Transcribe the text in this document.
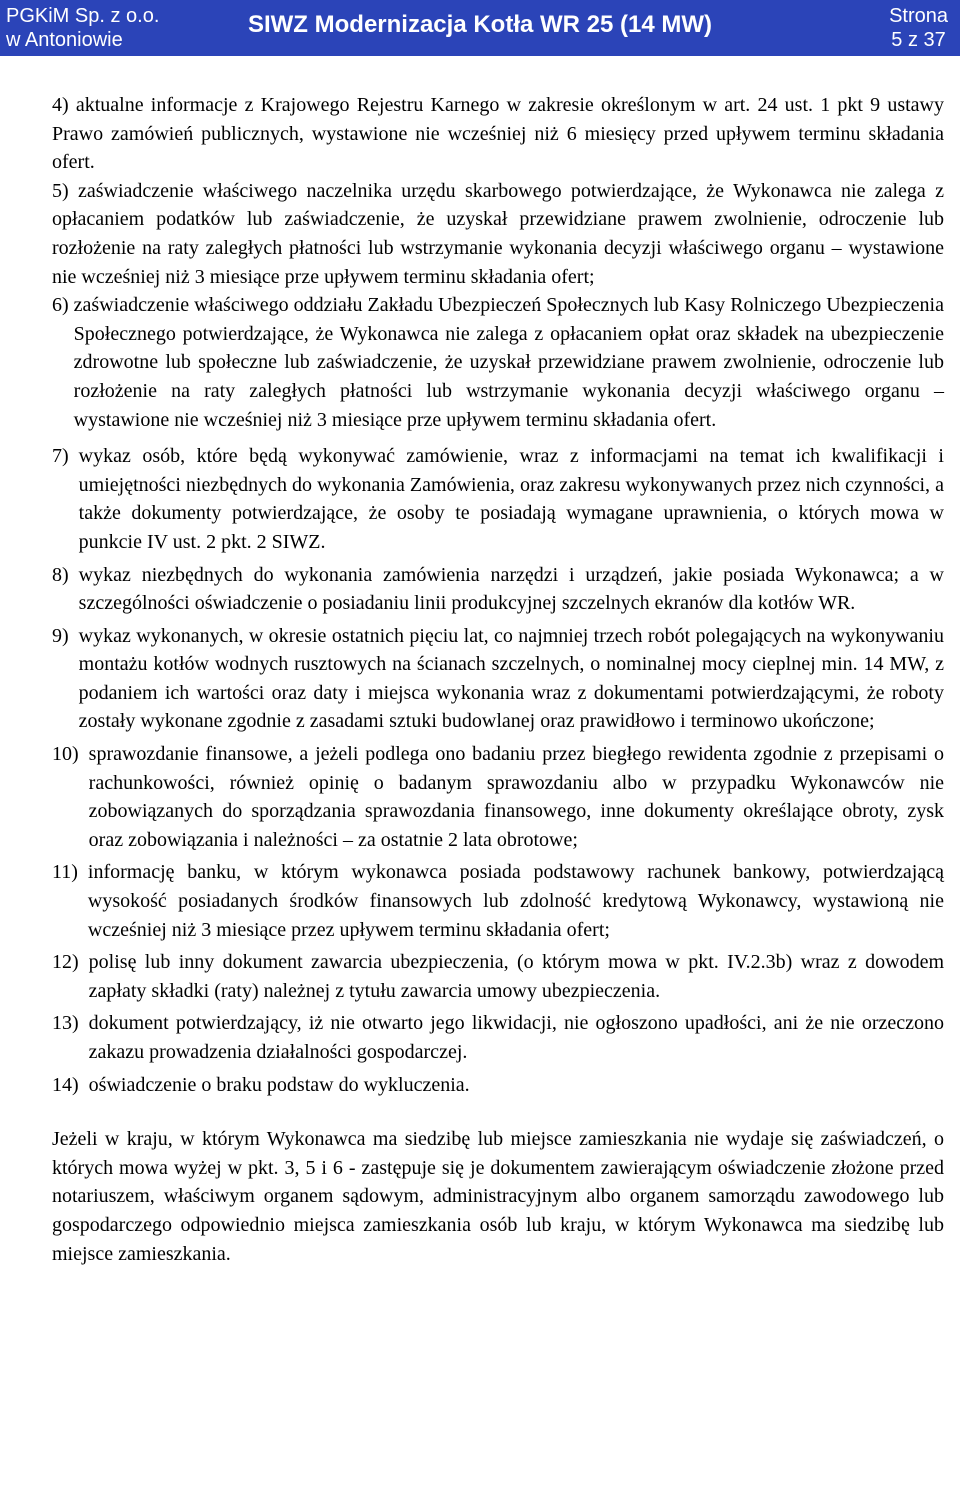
PGKiM Sp. z o.o.
w Antoniowie
SIWZ Modernizacja Kotła WR 25 (14 MW)	Strona
5 z 37
4) aktualne informacje z Krajowego Rejestru Karnego w zakresie określonym w art. 24 ust. 1 pkt 9 ustawy Prawo zamówień publicznych, wystawione nie wcześniej niż 6 miesięcy przed upływem terminu składania ofert.
5) zaświadczenie właściwego naczelnika urzędu skarbowego potwierdzające, że Wykonawca nie zalega z opłacaniem podatków lub zaświadczenie, że uzyskał przewidziane prawem zwolnienie, odroczenie lub rozłożenie na raty zaległych płatności lub wstrzymanie wykonania decyzji właściwego organu – wystawione nie wcześniej niż 3 miesiące prze upływem terminu składania ofert;
6) zaświadczenie właściwego oddziału Zakładu Ubezpieczeń Społecznych lub Kasy Rolniczego Ubezpieczenia Społecznego potwierdzające, że Wykonawca nie zalega z opłacaniem opłat oraz składek na ubezpieczenie zdrowotne lub społeczne lub zaświadczenie, że uzyskał przewidziane prawem zwolnienie, odroczenie lub rozłożenie na raty zaległych płatności lub wstrzymanie wykonania decyzji właściwego organu – wystawione nie wcześniej niż 3 miesiące prze upływem terminu składania ofert.
7) wykaz osób, które będą wykonywać zamówienie, wraz z informacjami na temat ich kwalifikacji i umiejętności niezbędnych do wykonania Zamówienia, oraz zakresu wykonywanych przez nich czynności, a także dokumenty potwierdzające, że osoby te posiadają wymagane uprawnienia, o których mowa w punkcie IV ust. 2 pkt. 2 SIWZ.
8) wykaz niezbędnych do wykonania zamówienia narzędzi i urządzeń, jakie posiada Wykonawca; a w szczególności oświadczenie o posiadaniu linii produkcyjnej szczelnych ekranów dla kotłów WR.
9) wykaz wykonanych, w okresie ostatnich pięciu lat, co najmniej trzech robót polegających na wykonywaniu montażu kotłów wodnych rusztowych na ścianach szczelnych, o nominalnej mocy cieplnej min. 14 MW, z podaniem ich wartości oraz daty i miejsca wykonania wraz z dokumentami potwierdzającymi, że roboty zostały wykonane zgodnie z zasadami sztuki budowlanej oraz prawidłowo i terminowo ukończone;
10) sprawozdanie finansowe, a jeżeli podlega ono badaniu przez biegłego rewidenta zgodnie z przepisami o rachunkowości, również opinię o badanym sprawozdaniu albo w przypadku Wykonawców nie zobowiązanych do sporządzania sprawozdania finansowego, inne dokumenty określające obroty, zysk oraz zobowiązania i należności – za ostatnie 2 lata obrotowe;
11) informację banku, w którym wykonawca posiada podstawowy rachunek bankowy, potwierdzającą wysokość posiadanych środków finansowych lub zdolność kredytową Wykonawcy, wystawioną nie wcześniej niż 3 miesiące przez upływem terminu składania ofert;
12) polisę lub inny dokument zawarcia ubezpieczenia, (o którym mowa w pkt. IV.2.3b) wraz z dowodem zapłaty składki (raty) należnej z tytułu zawarcia umowy ubezpieczenia.
13) dokument potwierdzający, iż nie otwarto jego likwidacji, nie ogłoszono upadłości, ani że nie orzeczono zakazu prowadzenia działalności gospodarczej.
14) oświadczenie o braku podstaw do wykluczenia.
Jeżeli w kraju, w którym Wykonawca ma siedzibę lub miejsce zamieszkania nie wydaje się zaświadczeń, o których mowa wyżej w pkt. 3, 5 i 6 - zastępuje się je dokumentem zawierającym oświadczenie złożone przed notariuszem, właściwym organem sądowym, administracyjnym albo organem samorządu zawodowego lub gospodarczego odpowiednio miejsca zamieszkania osób lub kraju, w którym Wykonawca ma siedzibę lub miejsce zamieszkania.
